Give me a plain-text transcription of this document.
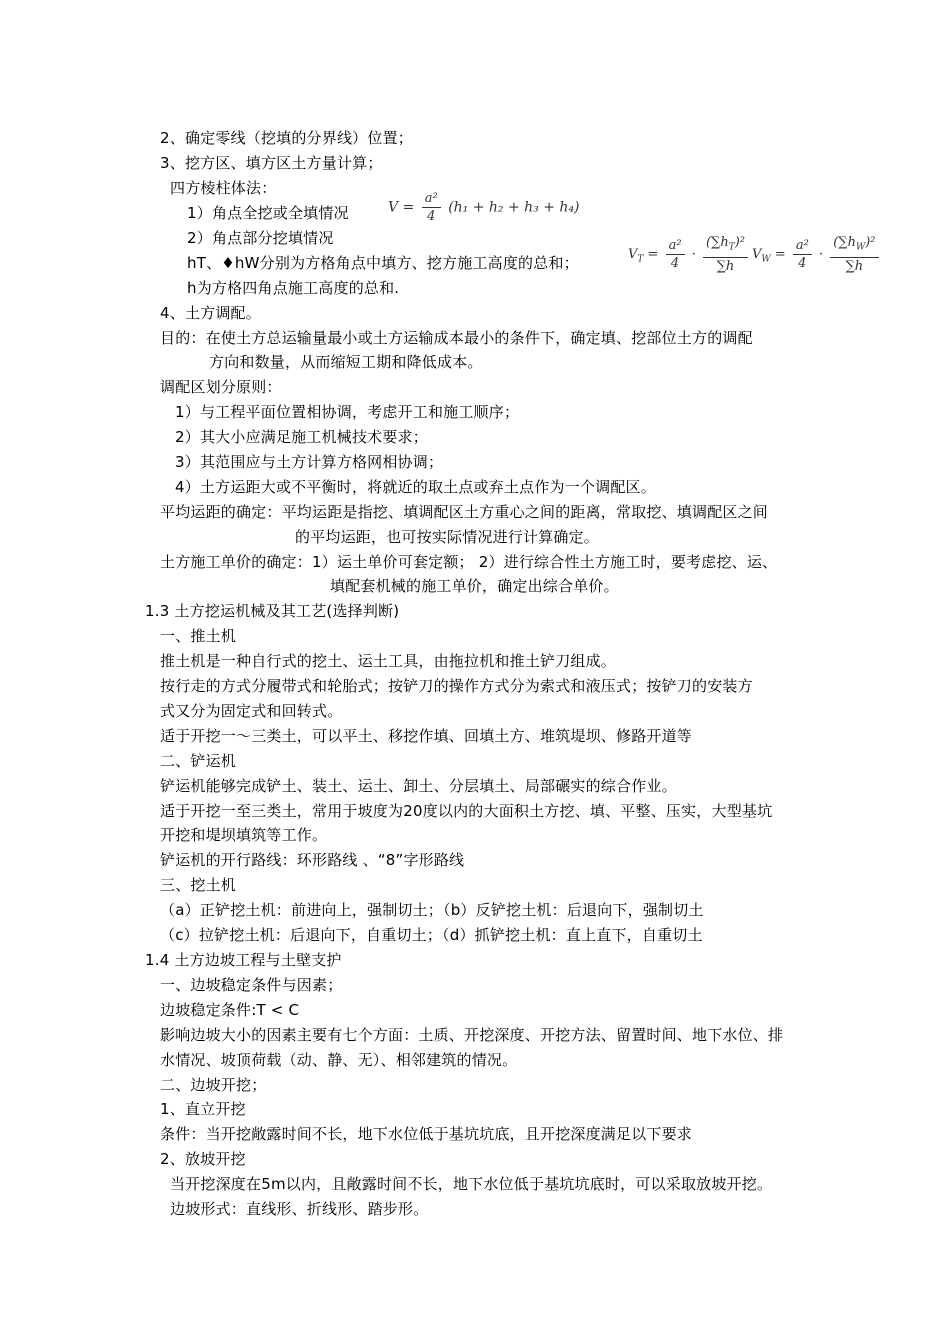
2、确定零线（挖填的分界线）位置；
3、挖方区、填方区土方量计算；
四方棱柱体法：
1）角点全挖或全填情况
2）角点部分挖填情况
hT、♦hW分别为方格角点中填方、挖方施工高度的总和；
h为方格四角点施工高度的总和.
4、土方调配。
目的：在使土方总运输量最小或土方运输成本最小的条件下，确定填、挖部位土方的调配
方向和数量，从而缩短工期和降低成本。
调配区划分原则：
1）与工程平面位置相协调，考虑开工和施工顺序；
2）其大小应满足施工机械技术要求；
3）其范围应与土方计算方格网相协调；
4）土方运距大或不平衡时，将就近的取土点或弃土点作为一个调配区。
平均运距的确定：平均运距是指挖、填调配区土方重心之间的距离，常取挖、填调配区之间
的平均运距，也可按实际情况进行计算确定。
土方施工单价的确定：1）运土单价可套定额； 2）进行综合性土方施工时，要考虑挖、运、
填配套机械的施工单价，确定出综合单价。
1.3 土方挖运机械及其工艺(选择判断)
一、推土机
推土机是一种自行式的挖土、运土工具，由拖拉机和推土铲刀组成。
按行走的方式分履带式和轮胎式；按铲刀的操作方式分为索式和液压式；按铲刀的安装方
式又分为固定式和回转式。
适于开挖一～三类土，可以平土、移挖作填、回填土方、堆筑堤坝、修路开道等
二、铲运机
铲运机能够完成铲土、装土、运土、卸土、分层填土、局部碾实的综合作业。
适于开挖一至三类土，常用于坡度为20度以内的大面积土方挖、填、平整、压实，大型基坑
开挖和堤坝填筑等工作。
铲运机的开行路线：环形路线 、“8”字形路线
三、挖土机
（a）正铲挖土机：前进向上，强制切土；（b）反铲挖土机：后退向下，强制切土
（c）拉铲挖土机：后退向下，自重切土；（d）抓铲挖土机：直上直下，自重切土
1.4 土方边坡工程与土壁支护
一、边坡稳定条件与因素；
边坡稳定条件:T < C
影响边坡大小的因素主要有七个方面：土质、开挖深度、开挖方法、留置时间、地下水位、排
水情况、坡顶荷载（动、静、无）、相邻建筑的情况。
二、边坡开挖；
1、直立开挖
条件：当开挖敞露时间不长，地下水位低于基坑坑底，且开挖深度满足以下要求
2、放坡开挖
当开挖深度在5m以内，且敞露时间不长，地下水位低于基坑坑底时，可以采取放坡开挖。
边坡形式：直线形、折线形、踏步形。
$V = \frac{\text{a²}}{4} (h_1 + h_2 + h_3 + h_4)$
$V_T = \frac{\text{a²}}{4} \cdot \frac{(\sum h_T)^2}{\sum h} V_W = \frac{\text{a²}}{4} \cdot \frac{(\sum h_W)^2}{\sum h}$
